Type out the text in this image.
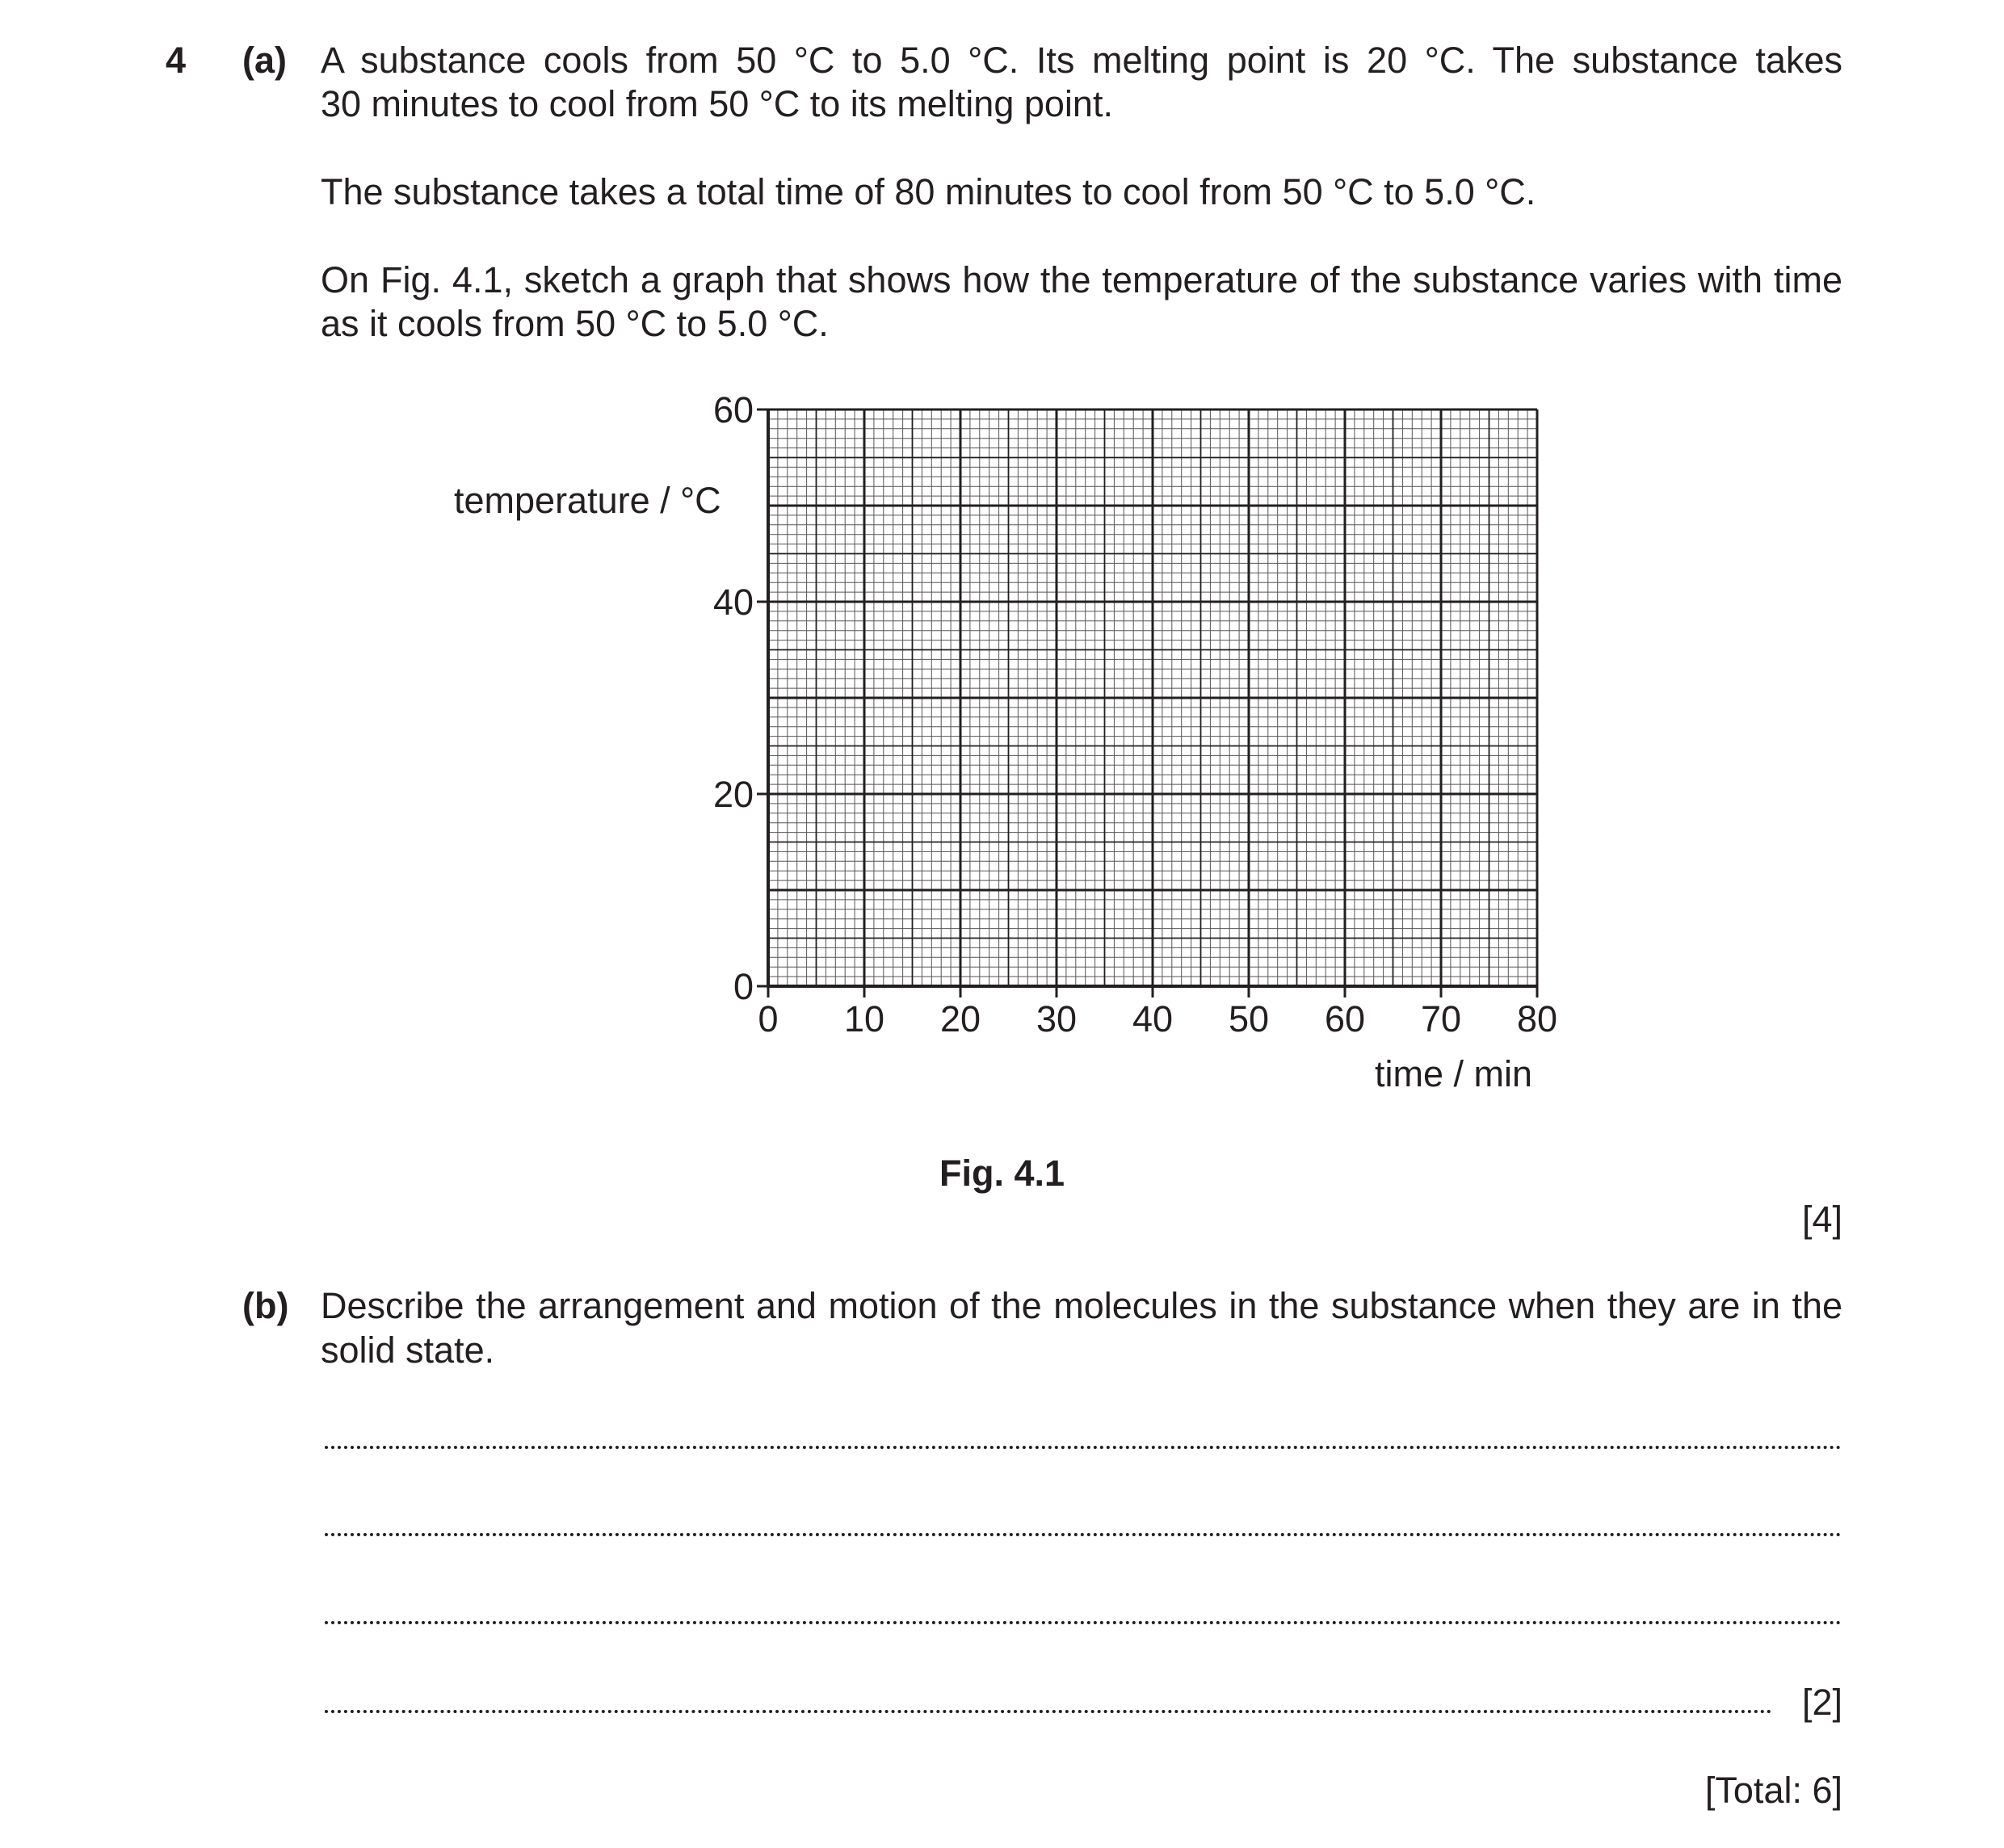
4 (a) A substance cools from 50 °C to 5.0 °C. Its melting point is 20 °C. The substance takes
30 minutes to cool from 50 °C to its melting point.
The substance takes a total time of 80 minutes to cool from 50 °C to 5.0 °C.
On Fig. 4.1, sketch a graph that shows how the temperature of the substance varies with time
as it cools from 50 °C to 5.0 °C.
0 10 20 30 40 50 60 70 80
0
20
40
60
temperature / °C
time / min
Fig. 4.1
[4]
(b) Describe the arrangement and motion of the molecules in the substance when they are in the
solid state.
[2]
[Total: 6]
